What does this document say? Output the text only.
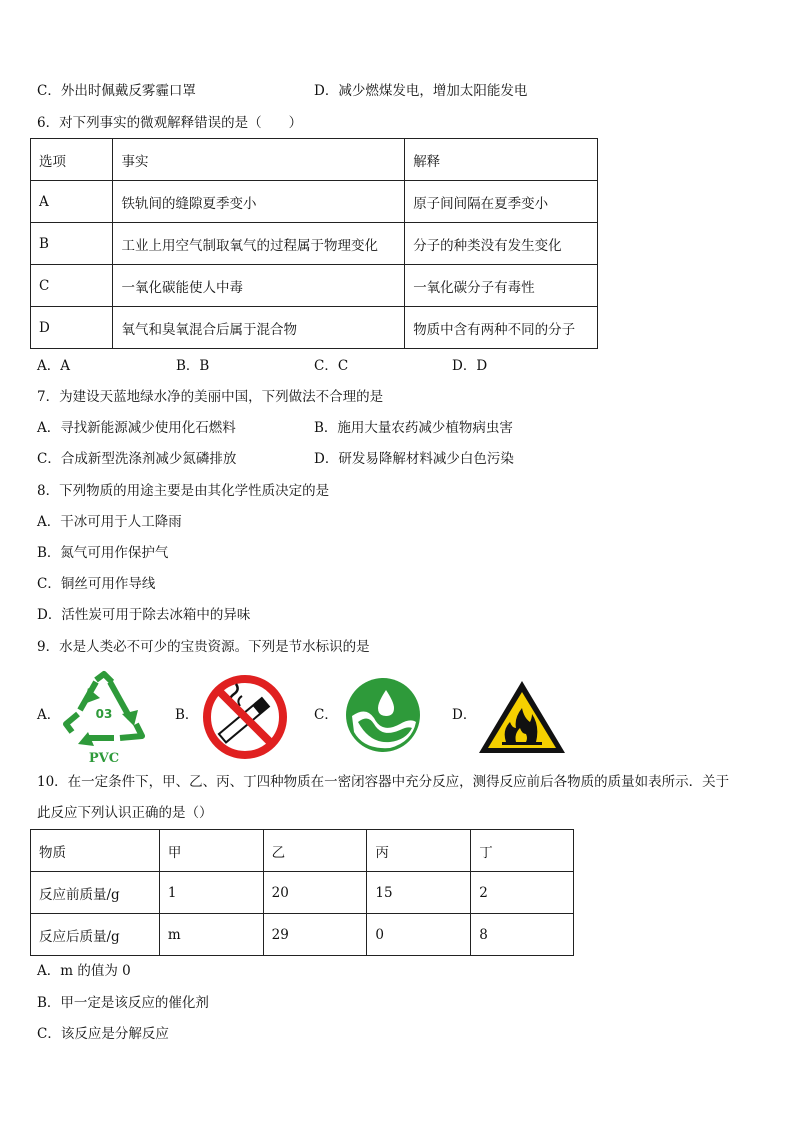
C．外出时佩戴反雾霾口罩	D．减少燃煤发电，增加太阳能发电
6．对下列事实的微观解释错误的是（　　）
选项	事实	解释
A	铁轨间的缝隙夏季变小	原子间间隔在夏季变小
B	工业上用空气制取氧气的过程属于物理变化	分子的种类没有发生变化
C	一氧化碳能使人中毒	一氧化碳分子有毒性
D	氧气和臭氧混合后属于混合物	物质中含有两种不同的分子
A．A	B．B	C．C	D．D
7．为建设天蓝地绿水净的美丽中国，下列做法不合理的是
A．寻找新能源减少使用化石燃料	B．施用大量农药减少植物病虫害
C．合成新型洗涤剂减少氮磷排放	D．研发易降解材料减少白色污染
8．下列物质的用途主要是由其化学性质决定的是
A．干冰可用于人工降雨
B．氮气可用作保护气
C．铜丝可用作导线
D．活性炭可用于除去冰箱中的异味
9．水是人类必不可少的宝贵资源。下列是节水标识的是
A．	03
PVC
B．	C．	D．
10．在一定条件下，甲、乙、丙、丁四种物质在一密闭容器中充分反应，测得反应前后各物质的质量如表所示．关于
此反应下列认识正确的是（）
物质	甲	乙	丙	丁
反应前质量/g	1	20	15	2
反应后质量/g	m	29	0	8
A．m 的值为 0
B．甲一定是该反应的催化剂
C．该反应是分解反应
